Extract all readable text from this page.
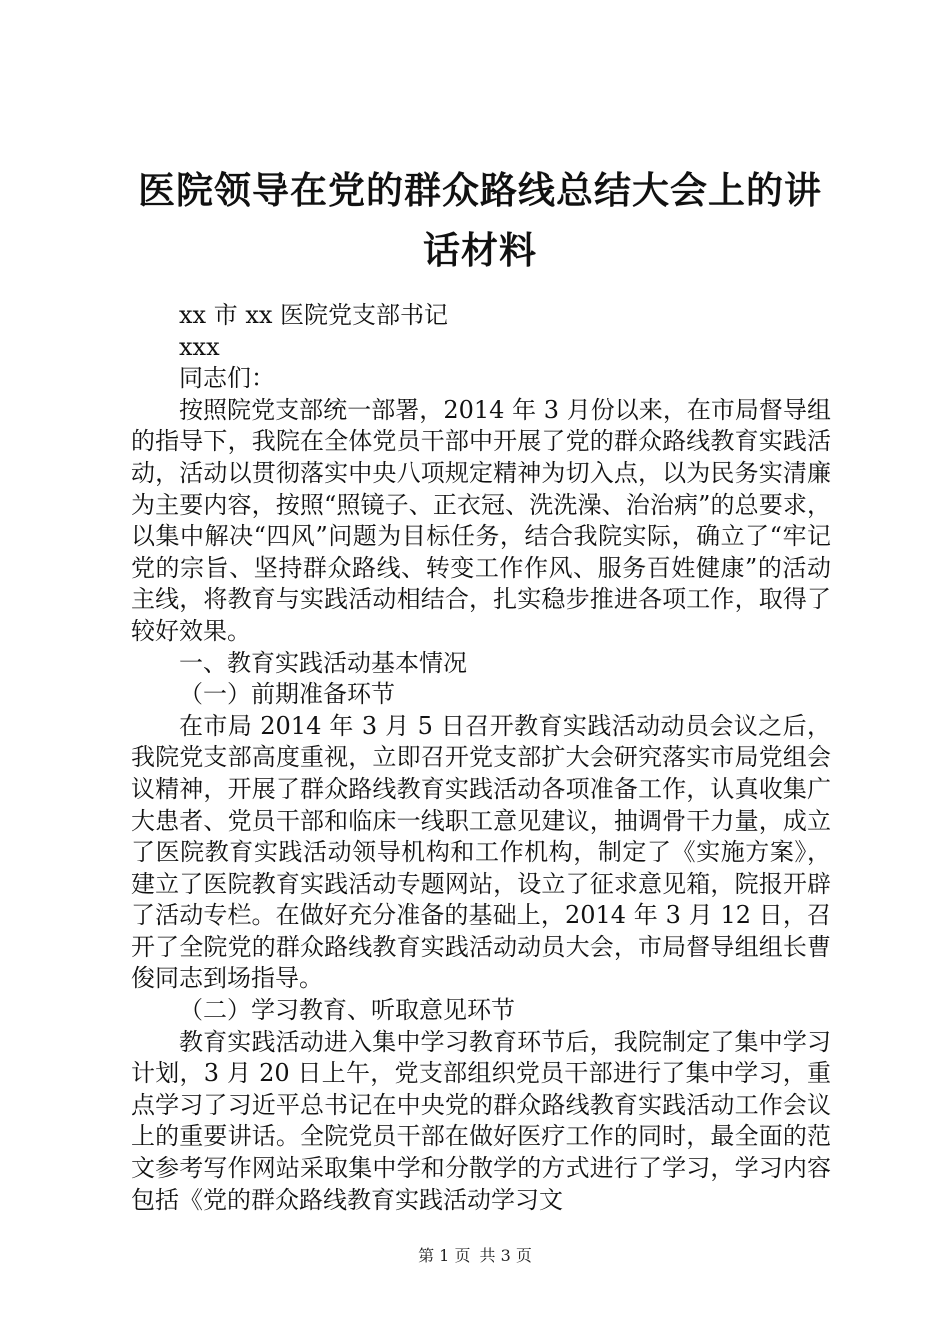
医院领导在党的群众路线总结大会上的讲话材料

xx 市 xx 医院党支部书记

xxx

同志们：

按照院党支部统一部署，2014 年 3 月份以来，在市局督导组的指导下，我院在全体党员干部中开展了党的群众路线教育实践活动，活动以贯彻落实中央八项规定精神为切入点，以为民务实清廉为主要内容，按照“照镜子、正衣冠、洗洗澡、治治病”的总要求，以集中解决“四风”问题为目标任务，结合我院实际，确立了“牢记党的宗旨、坚持群众路线、转变工作作风、服务百姓健康”的活动主线，将教育与实践活动相结合，扎实稳步推进各项工作，取得了较好效果。

一、教育实践活动基本情况

（一）前期准备环节

在市局 2014 年 3 月 5 日召开教育实践活动动员会议之后，我院党支部高度重视，立即召开党支部扩大会研究落实市局党组会议精神，开展了群众路线教育实践活动各项准备工作，认真收集广大患者、党员干部和临床一线职工意见建议，抽调骨干力量，成立了医院教育实践活动领导机构和工作机构，制定了《实施方案》，建立了医院教育实践活动专题网站，设立了征求意见箱，院报开辟了活动专栏。在做好充分准备的基础上，2014 年 3 月 12 日，召开了全院党的群众路线教育实践活动动员大会，市局督导组组长曹俊同志到场指导。

（二）学习教育、听取意见环节

教育实践活动进入集中学习教育环节后，我院制定了集中学习计划，3 月 20 日上午，党支部组织党员干部进行了集中学习，重点学习了习近平总书记在中央党的群众路线教育实践活动工作会议上的重要讲话。全院党员干部在做好医疗工作的同时，最全面的范文参考写作网站采取集中学和分散学的方式进行了学习，学习内容包括《党的群众路线教育实践活动学习文

第 1 页 共 3 页
